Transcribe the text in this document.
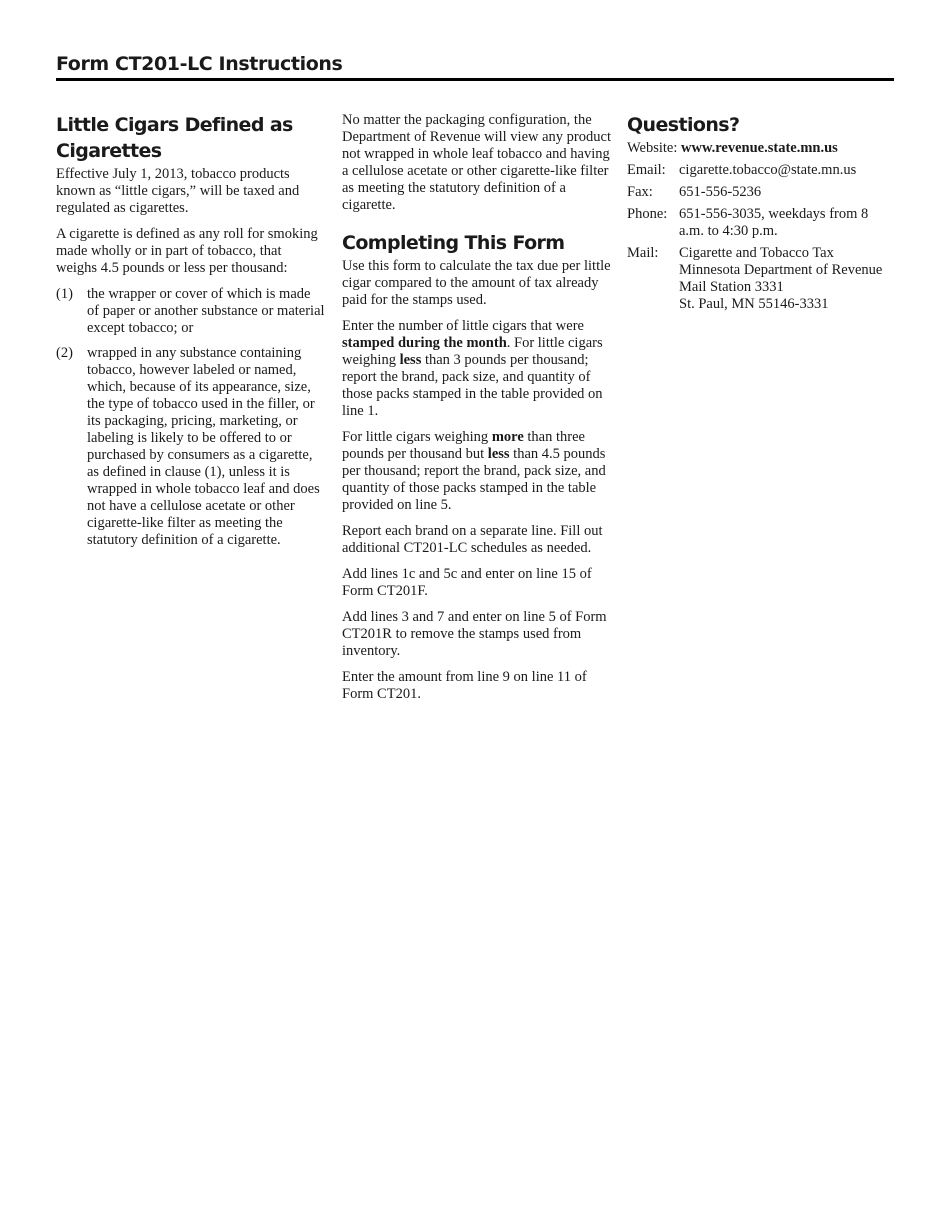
Form CT201-LC Instructions
Little Cigars Defined as Cigarettes

Effective July 1, 2013, tobacco products known as “little cigars,” will be taxed and regulated as cigarettes.

A cigarette is defined as any roll for smoking made wholly or in part of tobacco, that weighs 4.5 pounds or less per thousand:

(1) the wrapper or cover of which is made of paper or another substance or material except tobacco; or
(2) wrapped in any substance containing tobacco, however labeled or named, which, because of its appearance, size, the type of tobacco used in the filler, or its packaging, pricing, marketing, or labeling is likely to be offered to or purchased by consumers as a cigarette, as defined in clause (1), unless it is wrapped in whole tobacco leaf and does not have a cellulose acetate or other cigarette-like filter as meeting the statutory definition of a cigarette.

No matter the packaging configuration, the Department of Revenue will view any product not wrapped in whole leaf tobacco and having a cellulose acetate or other cigarette-like filter as meeting the statutory definition of a cigarette.

Completing This Form

Use this form to calculate the tax due per little cigar compared to the amount of tax already paid for the stamps used.

Enter the number of little cigars that were stamped during the month. For little cigars weighing less than 3 pounds per thousand; report the brand, pack size, and quantity of those packs stamped in the table provided on line 1.

For little cigars weighing more than three pounds per thousand but less than 4.5 pounds per thousand; report the brand, pack size, and quantity of those packs stamped in the table provided on line 5.

Report each brand on a separate line. Fill out additional CT201-LC schedules as needed.

Add lines 1c and 5c and enter on line 15 of Form CT201F.

Add lines 3 and 7 and enter on line 5 of Form CT201R to remove the stamps used from inventory.

Enter the amount from line 9 on line 11 of Form CT201.

Questions?
Website: www.revenue.state.mn.us
Email: cigarette.tobacco@state.mn.us
Fax:	651-556-5236
Phone: 651-556-3035, weekdays from 8 a.m. to 4:30 p.m.
Mail:	Cigarette and Tobacco Tax
Minnesota Department of Revenue
Mail Station 3331
St. Paul, MN 55146-3331
